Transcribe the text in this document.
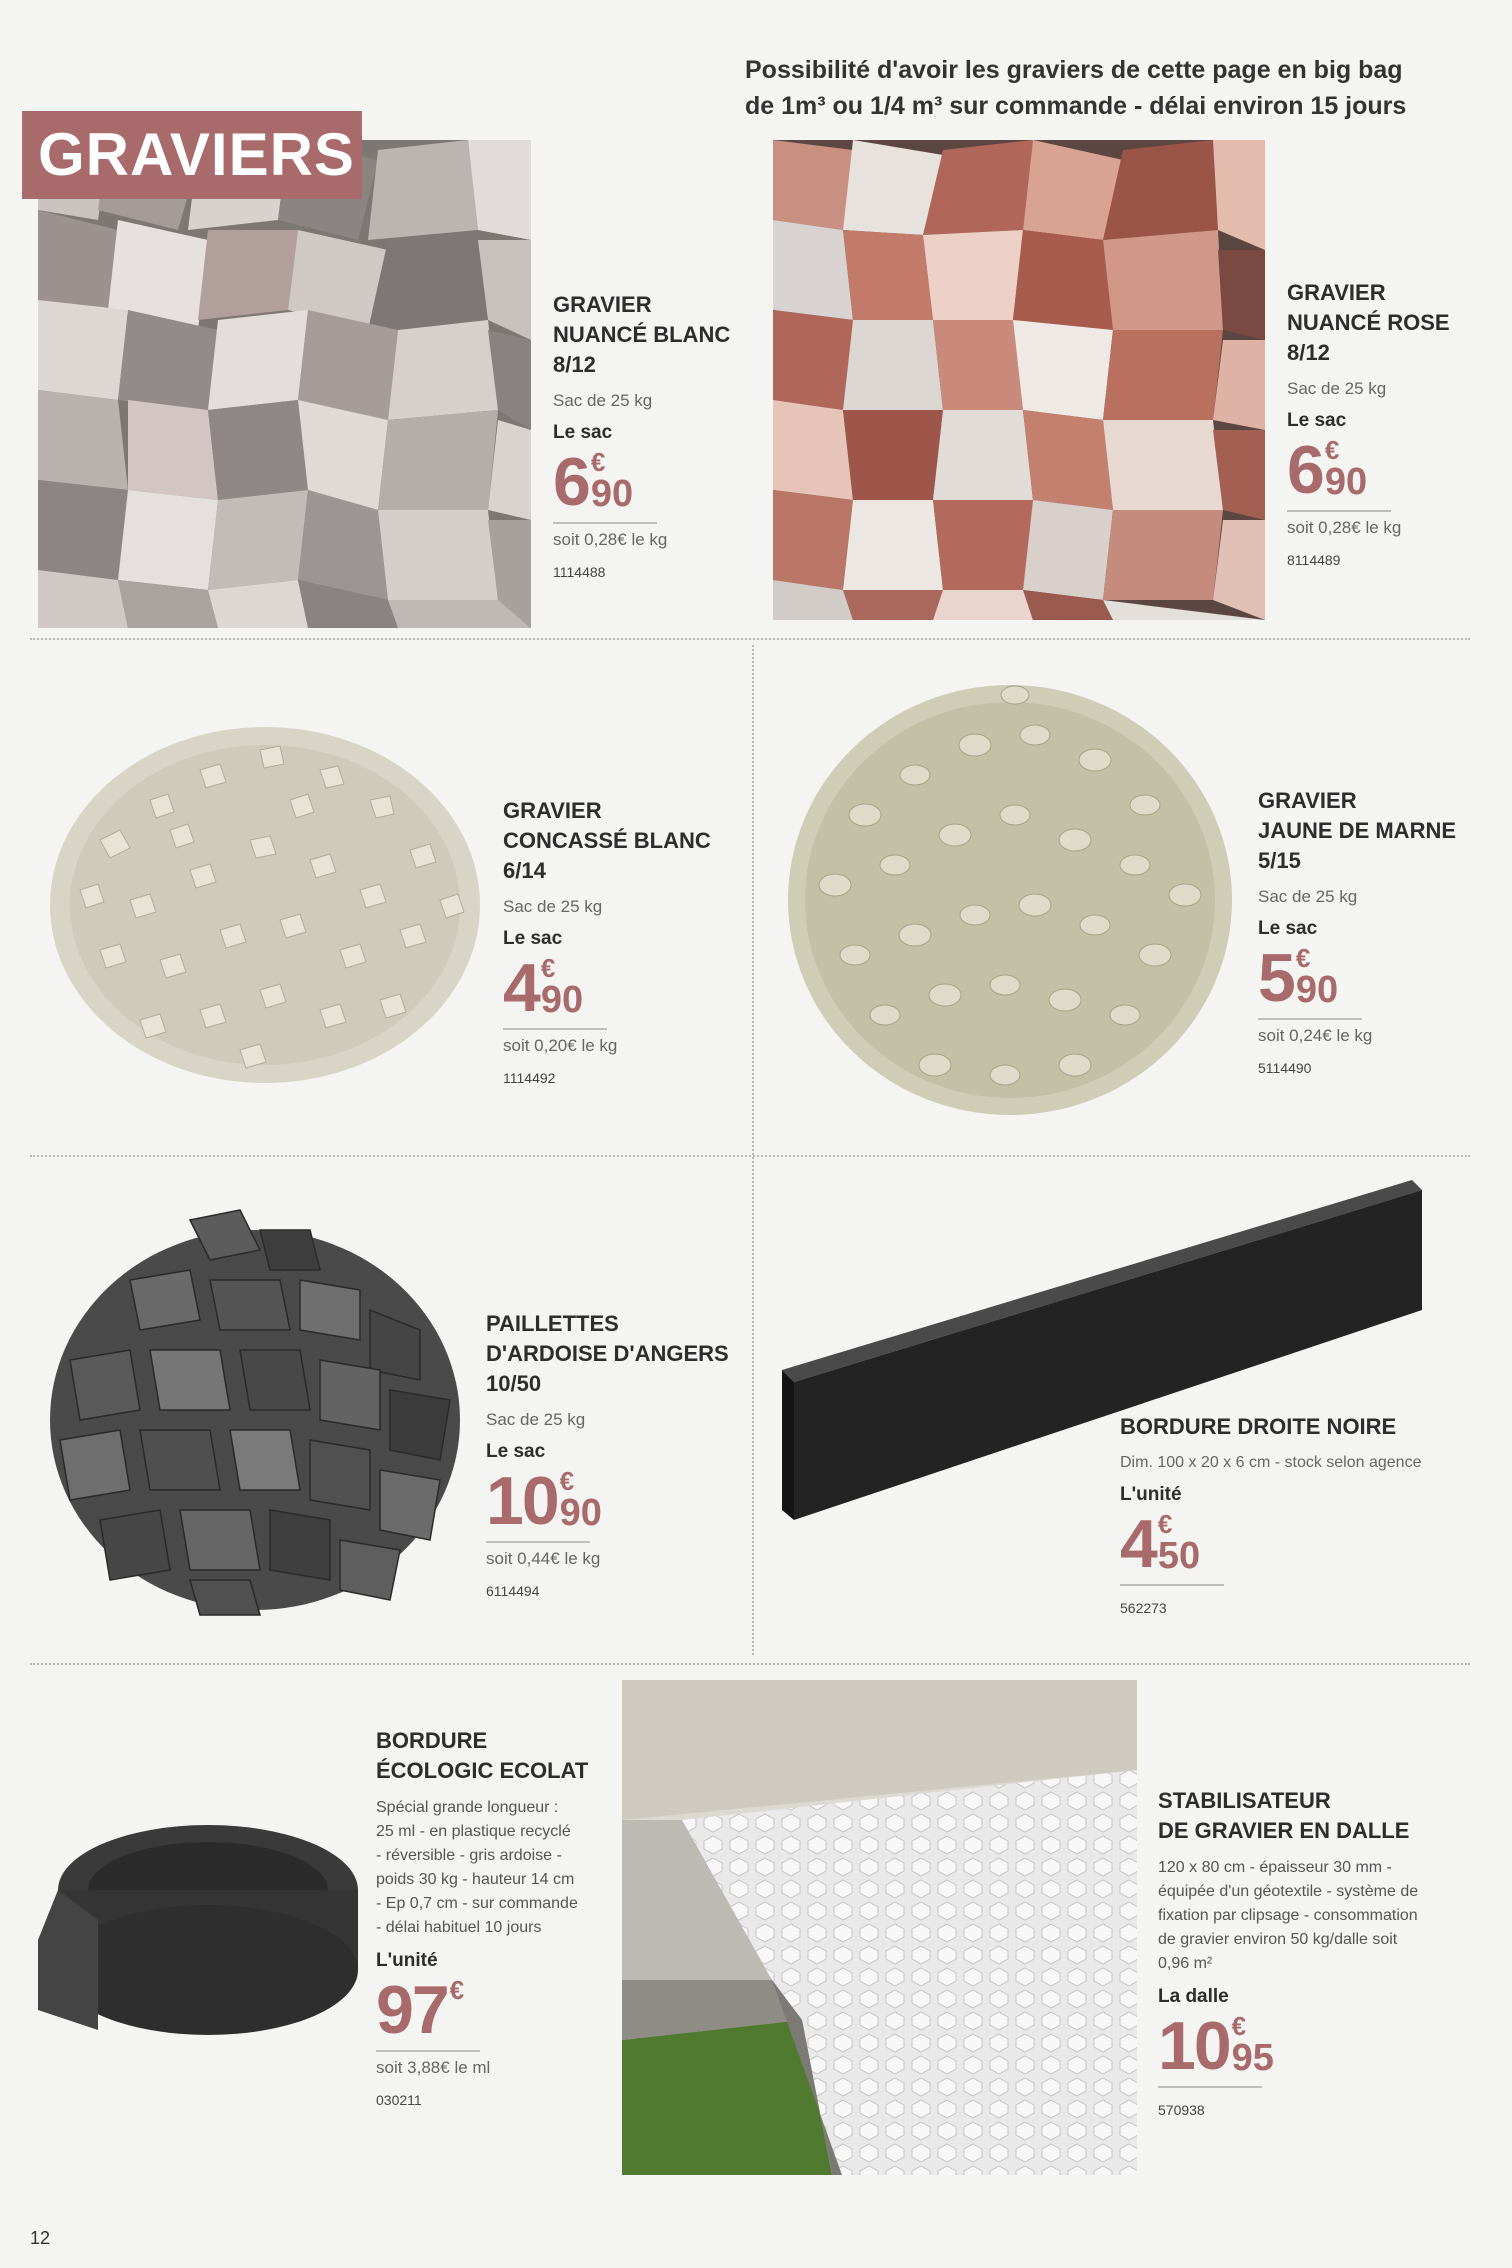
Possibilité d'avoir les graviers de cette page en big bag de 1m³ ou 1/4 m³ sur commande - délai environ 15 jours
GRAVIERS
GRAVIER
NUANCÉ BLANC
8/12
Sac de 25 kg
Le sac
6 €
90
soit 0,28€ le kg
1114488
GRAVIER
NUANCÉ ROSE
8/12
Sac de 25 kg
Le sac
6 €
90
soit 0,28€ le kg
8114489
GRAVIER
CONCASSÉ BLANC
6/14
Sac de 25 kg
Le sac
4 €
90
soit 0,20€ le kg
1114492
GRAVIER
JAUNE DE MARNE
5/15
Sac de 25 kg
Le sac
5 €
90
soit 0,24€ le kg
5114490
PAILLETTES
D'ARDOISE D'ANGERS
10/50
Sac de 25 kg
Le sac
10 €
90
soit 0,44€ le kg
6114494
BORDURE DROITE NOIRE
Dim. 100 x 20 x 6 cm - stock selon agence
L'unité
4 €
50
562273
BORDURE
ÉCOLOGIC ECOLAT
Spécial grande longueur :
25 ml - en plastique recyclé
- réversible - gris ardoise -
poids 30 kg - hauteur 14 cm
- Ep 0,7 cm - sur commande
- délai habituel 10 jours
L'unité
97 €
soit 3,88€ le ml
030211
STABILISATEUR
DE GRAVIER EN DALLE
120 x 80 cm - épaisseur 30 mm -
équipée d'un géotextile - système de
fixation par clipsage - consommation
de gravier environ 50 kg/dalle soit
0,96 m²
La dalle
10 €
95
570938
12
